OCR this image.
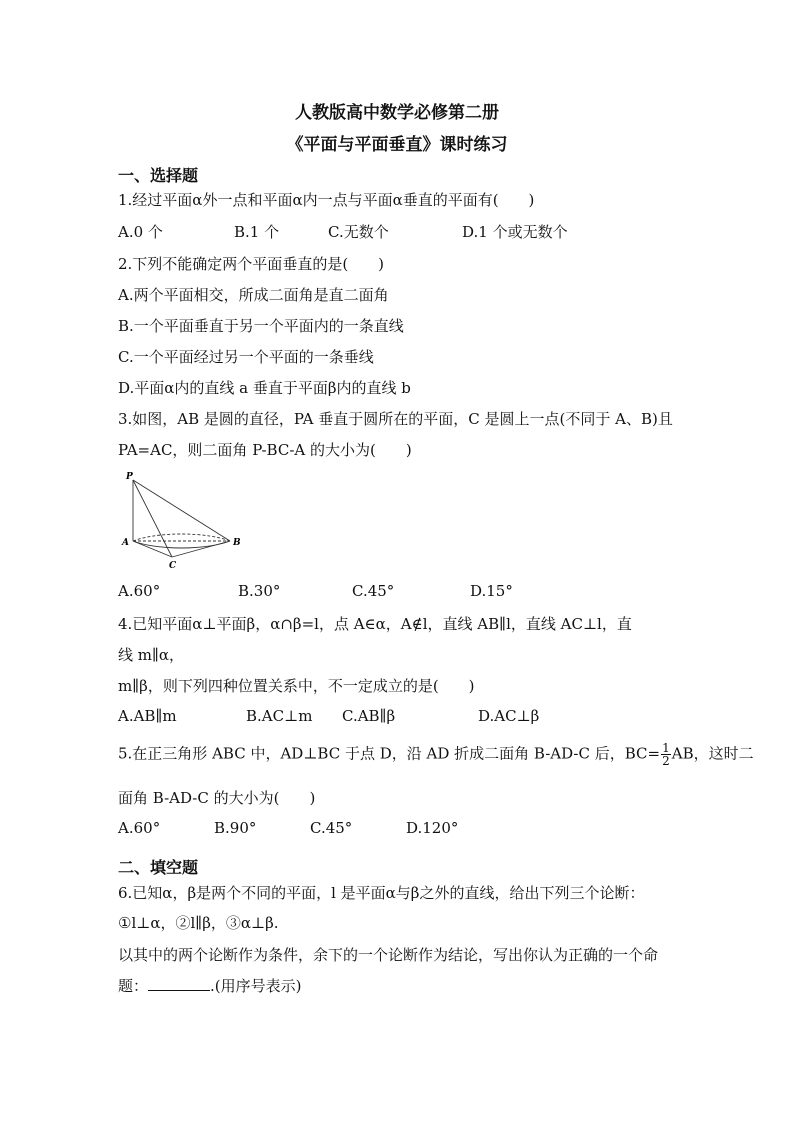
人教版高中数学必修第二册
《平面与平面垂直》课时练习
一、选择题
1.经过平面α外一点和平面α内一点与平面α垂直的平面有(　　)
A.0 个	B.1 个	C.无数个	D.1 个或无数个
2.下列不能确定两个平面垂直的是(　　)
A.两个平面相交，所成二面角是直二面角
B.一个平面垂直于另一个平面内的一条直线
C.一个平面经过另一个平面的一条垂线
D.平面α内的直线 a 垂直于平面β内的直线 b
3.如图，AB 是圆的直径，PA 垂直于圆所在的平面，C 是圆上一点(不同于 A、B)且
PA=AC，则二面角 P-BC-A 的大小为(　　)
P
A	B
C
A.60°	B.30°	C.45°	D.15°
4.已知平面α⊥平面β，α∩β=l，点 A∈α，A∉l，直线 AB∥l，直线 AC⊥l，直
线 m∥α，
m∥β，则下列四种位置关系中，不一定成立的是(　　)
A.AB∥m	B.AC⊥m C.AB∥β	D.AC⊥β
5.在正三角形 ABC 中，AD⊥BC 于点 D，沿 AD 折成二面角 B-AD-C 后，$BC= \frac{1}{2}$ AB，这时二
面角 B-AD-C 的大小为(　　)
A.60°	B.90°	C.45°	D.120°
二、填空题
6.已知α，β是两个不同的平面，l 是平面α与β之外的直线，给出下列三个论断：
①l⊥α，②l∥β，③α⊥β.
以其中的两个论断作为条件，余下的一个论断作为结论，写出你认为正确的一个命
题：	.(用序号表示)
